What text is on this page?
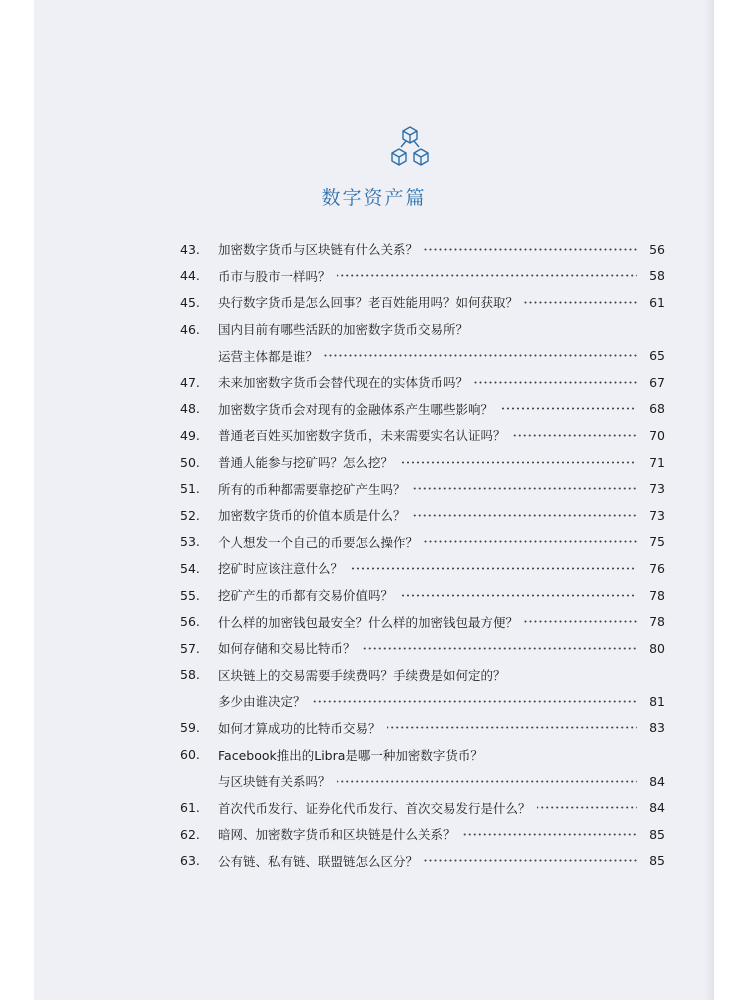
数字资产篇
43.	加密数字货币与区块链有什么关系？	56
44.	币市与股市一样吗？	58
45.	央行数字货币是怎么回事？老百姓能用吗？如何获取？	61
46.	国内目前有哪些活跃的加密数字货币交易所？
运营主体都是谁？	65
47.	未来加密数字货币会替代现在的实体货币吗？	67
48.	加密数字货币会对现有的金融体系产生哪些影响？	68
49.	普通老百姓买加密数字货币，未来需要实名认证吗？	70
50.	普通人能参与挖矿吗？怎么挖？	71
51.	所有的币种都需要靠挖矿产生吗？	73
52.	加密数字货币的价值本质是什么？	73
53.	个人想发一个自己的币要怎么操作？	75
54.	挖矿时应该注意什么？	76
55.	挖矿产生的币都有交易价值吗？	78
56.	什么样的加密钱包最安全？什么样的加密钱包最方便？	78
57.	如何存储和交易比特币？	80
58.	区块链上的交易需要手续费吗？手续费是如何定的？
多少由谁决定？	81
59.	如何才算成功的比特币交易？	83
60.	Facebook推出的Libra是哪一种加密数字货币？
与区块链有关系吗？	84
61.	首次代币发行、证券化代币发行、首次交易发行是什么？	84
62.	暗网、加密数字货币和区块链是什么关系？	85
63.	公有链、私有链、联盟链怎么区分？	85
